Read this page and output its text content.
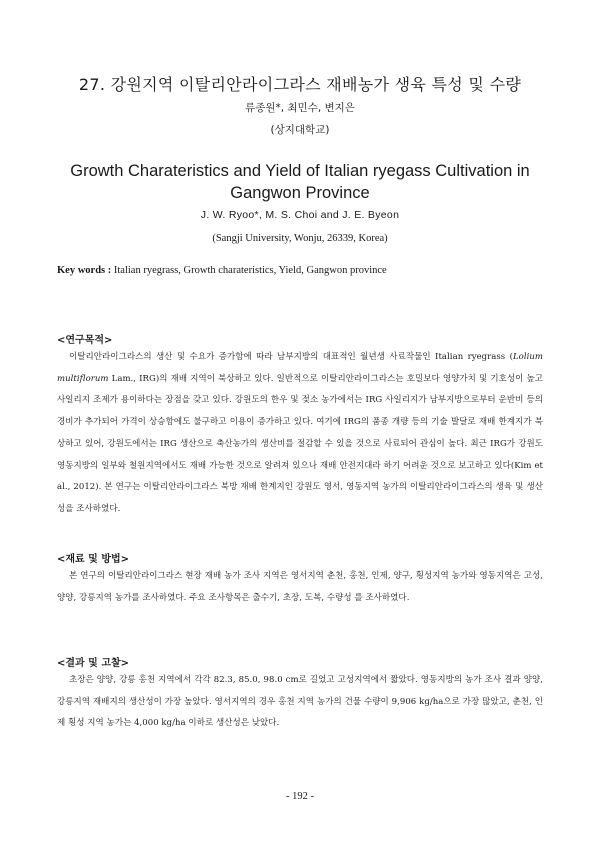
27. 강원지역 이탈리안라이그라스 재배농가 생육 특성 및 수량
류종원*, 최민수, 변지은
(상지대학교)
Growth Charateristics and Yield of Italian ryegass Cultivation in Gangwon Province
J. W. Ryoo*, M. S. Choi and J. E. Byeon
(Sangji University, Wonju, 26339, Korea)
Key words : Italian ryegrass, Growth charateristics, Yield, Gangwon province
<연구목적>
이탈리안라이그라스의 생산 및 수요가 증가함에 따라 남부지방의 대표적인 월년생 사료작물인 Italian ryegrass (Lolium multiflorum Lam., IRG)의 재배 지역이 북상하고 있다. 일반적으로 이탈리안라이그라스는 호밀보다 영양가치 및 기호성이 높고 사일리지 조제가 용이하다는 장점을 갖고 있다. 강원도의 한우 및 젖소 농가에서는 IRG 사일리지가 남부지방으로부터 운반비 등의 경비가 추가되어 가격이 상승함에도 불구하고 이용이 증가하고 있다. 여기에 IRG의 품종 개량 등의 기술 발달로 재배 한계지가 북상하고 있어, 강원도에서는 IRG 생산으로 축산농가의 생산비를 절감할 수 있을 것으로 사료되어 관심이 높다. 최근 IRG가 강원도 영동지방의 일부와 철원지역에서도 재배 가능한 것으로 알려져 있으나 재배 안전지대라 하기 어려운 것으로 보고하고 있다(Kim et al., 2012). 본 연구는 이탈리안라이그라스 북방 재배 한계지인 강원도 영서, 영동지역 농가의 이탈리안라이그라스의 생육 및 생산성을 조사하였다.
<재료 및 방법>
본 연구의 이탈리안라이그라스 현장 재배 농가 조사 지역은 영서지역 춘천, 홍천, 인제, 양구, 횡성지역 농가와 영동지역은 고성, 양양, 강릉지역 농가를 조사하였다. 주요 조사항목은 출수기, 초장, 도복, 수량성 를 조사하였다.
<결과 및 고찰>
초장은 양양, 강릉 홍천 지역에서 각각 82.3, 85.0, 98.0 cm로 길었고 고성지역에서 짧았다. 영동지방의 농가 조사 결과 양양, 강릉지역 재배지의 생산성이 가장 높았다. 영서지역의 경우 홍천 지역 농가의 건물 수량이 9,906 kg/ha으로 가장 많았고, 춘천, 인제 횡성 지역 농가는 4,000 kg/ha 이하로 생산성은 낮았다.
- 192 -
